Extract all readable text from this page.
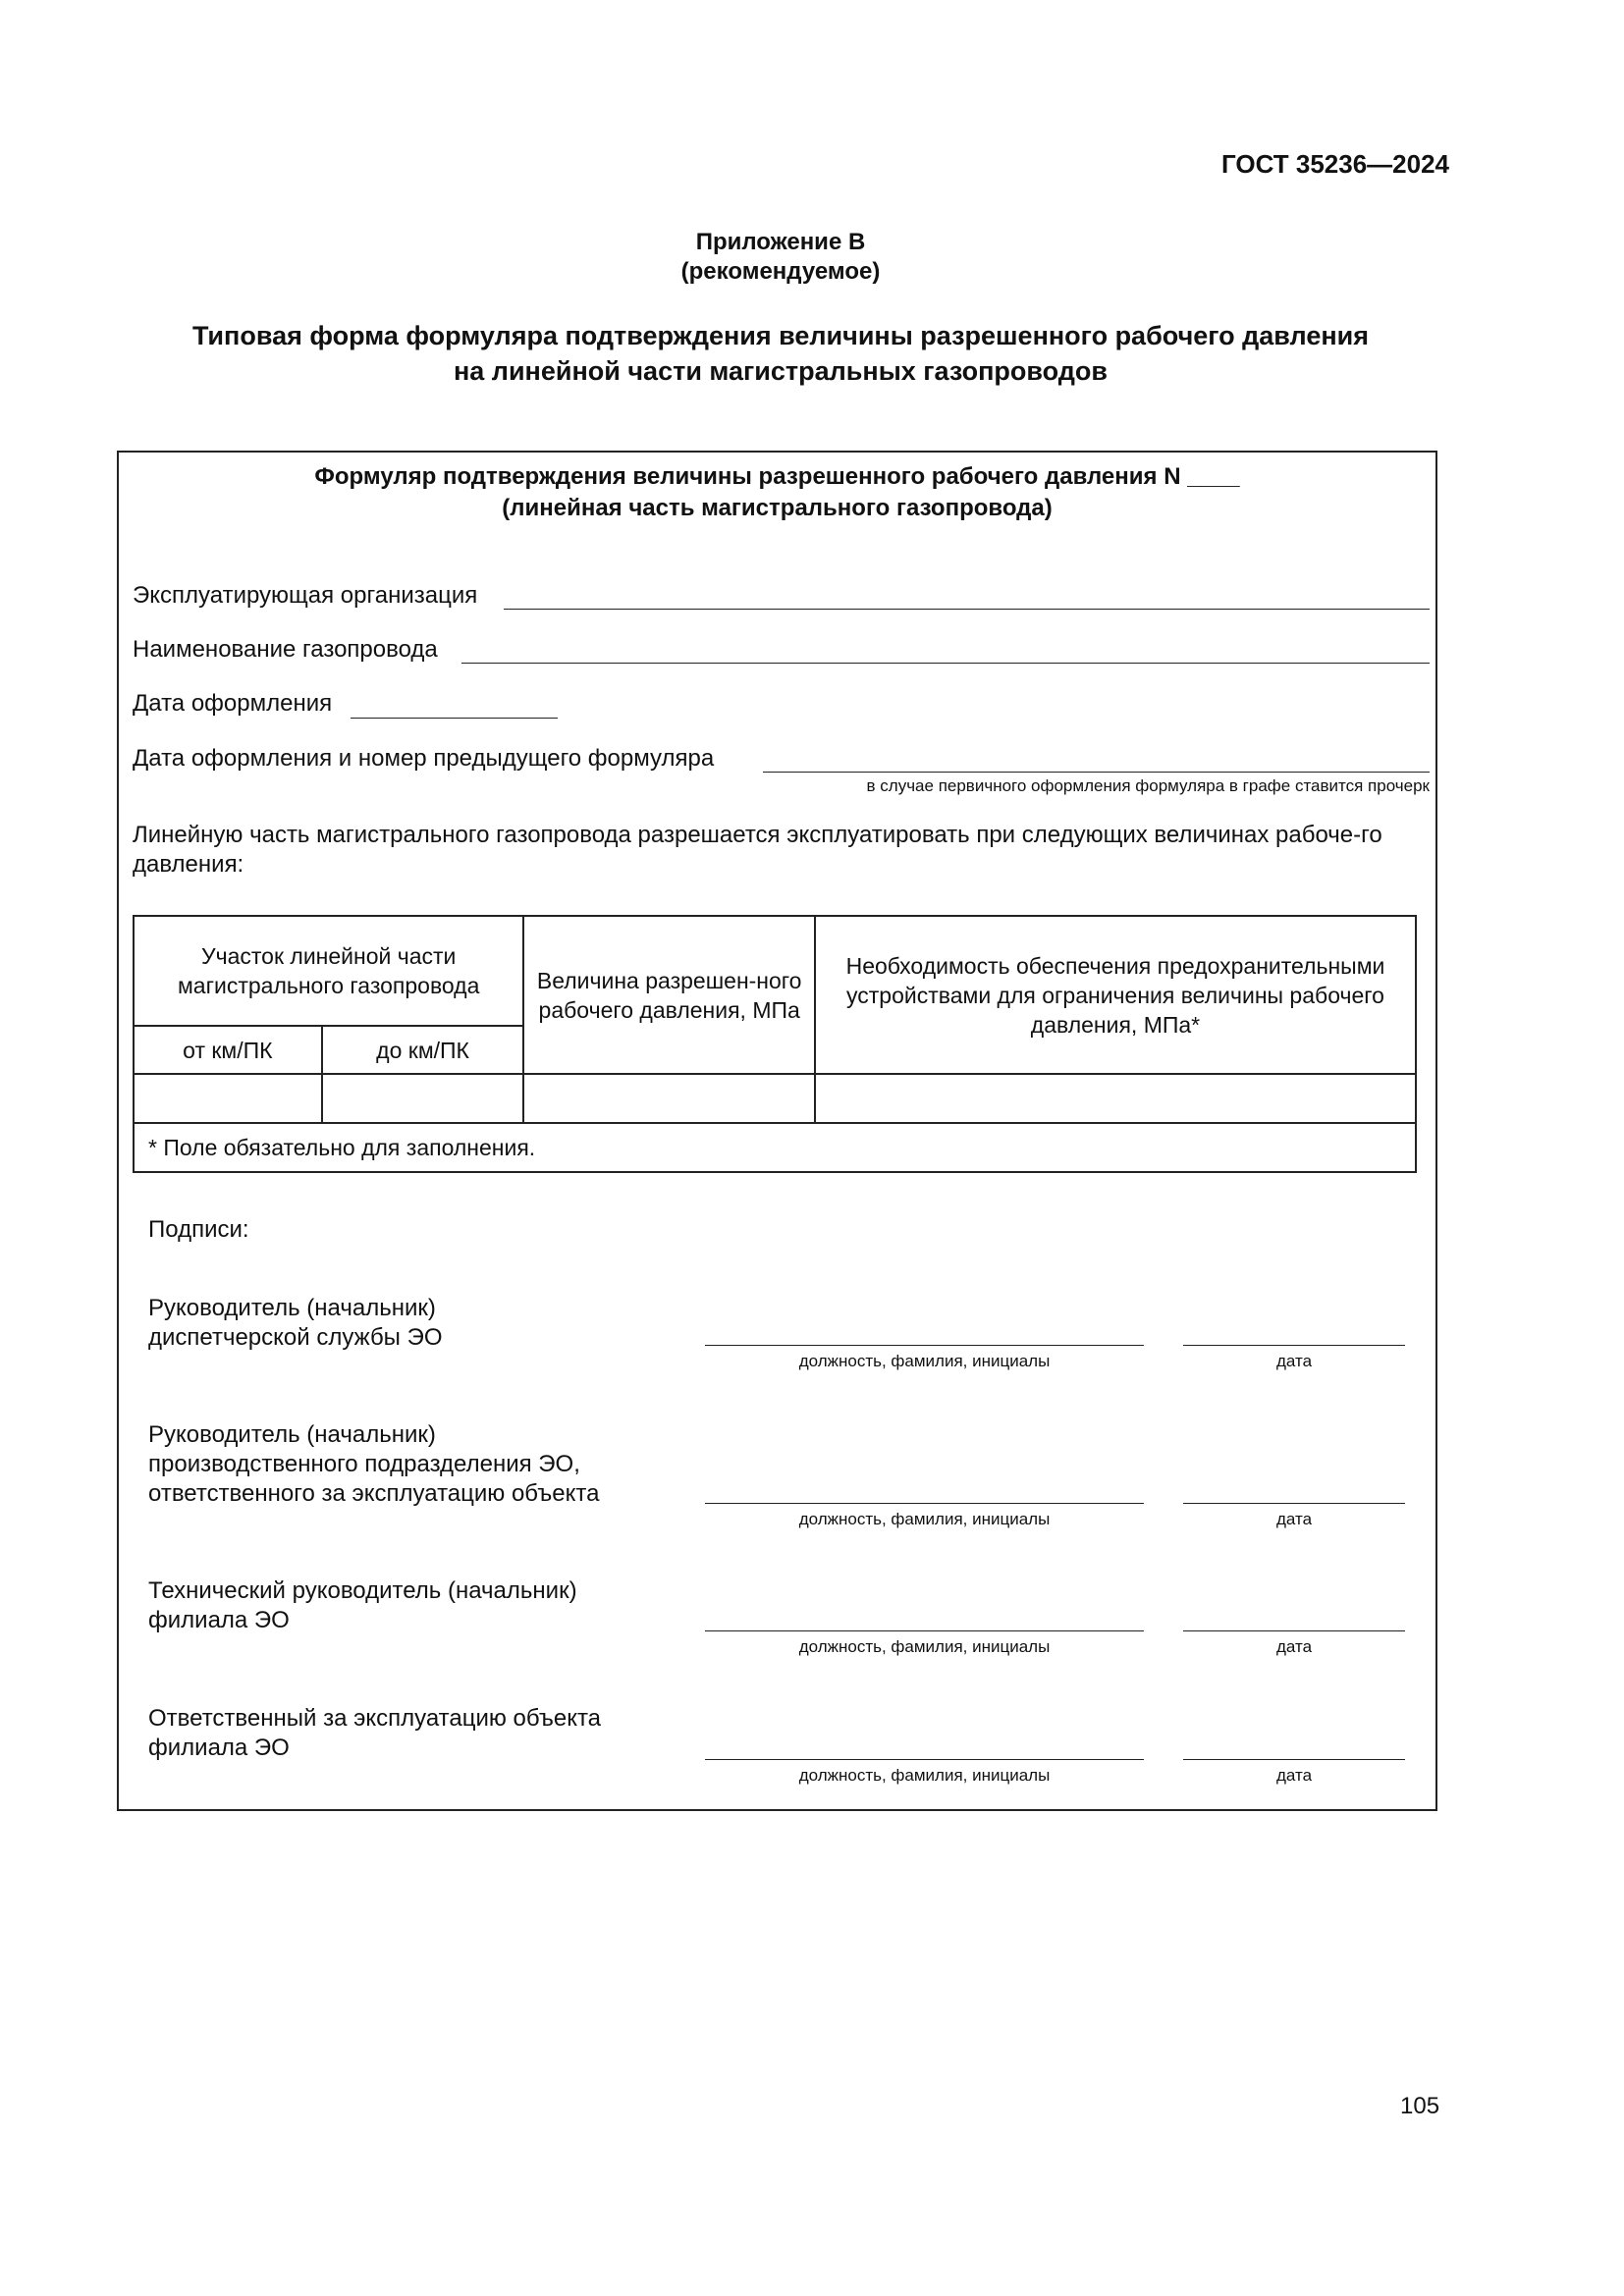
ГОСТ 35236—2024
Приложение В
(рекомендуемое)
Типовая форма формуляра подтверждения величины разрешенного рабочего давления
на линейной части магистральных газопроводов
Формуляр подтверждения величины разрешенного рабочего давления N ____
(линейная часть магистрального газопровода)
Эксплуатирующая организация
Наименование газопровода
Дата оформления
Дата оформления и номер предыдущего формуляра
в случае первичного оформления формуляра в графе ставится прочерк
Линейную часть магистрального газопровода разрешается эксплуатировать при следующих величинах рабоче-го давления:
Участок линейной части магистрального газопровода		Величина разрешен-ного рабочего давления, МПа	Необходимость обеспечения предохранительными устройствами для ограничения величины рабочего давления, МПа*
от км/ПК	до км/ПК		

* Поле обязательно для заполнения.			
Подписи:
Руководитель (начальник)
диспетчерской службы ЭО
должность, фамилия, инициалы	дата
Руководитель (начальник)
производственного подразделения ЭО,
ответственного за эксплуатацию объекта
должность, фамилия, инициалы	дата
Технический руководитель (начальник)
филиала ЭО
должность, фамилия, инициалы	дата
Ответственный за эксплуатацию объекта
филиала ЭО
должность, фамилия, инициалы	дата
105
